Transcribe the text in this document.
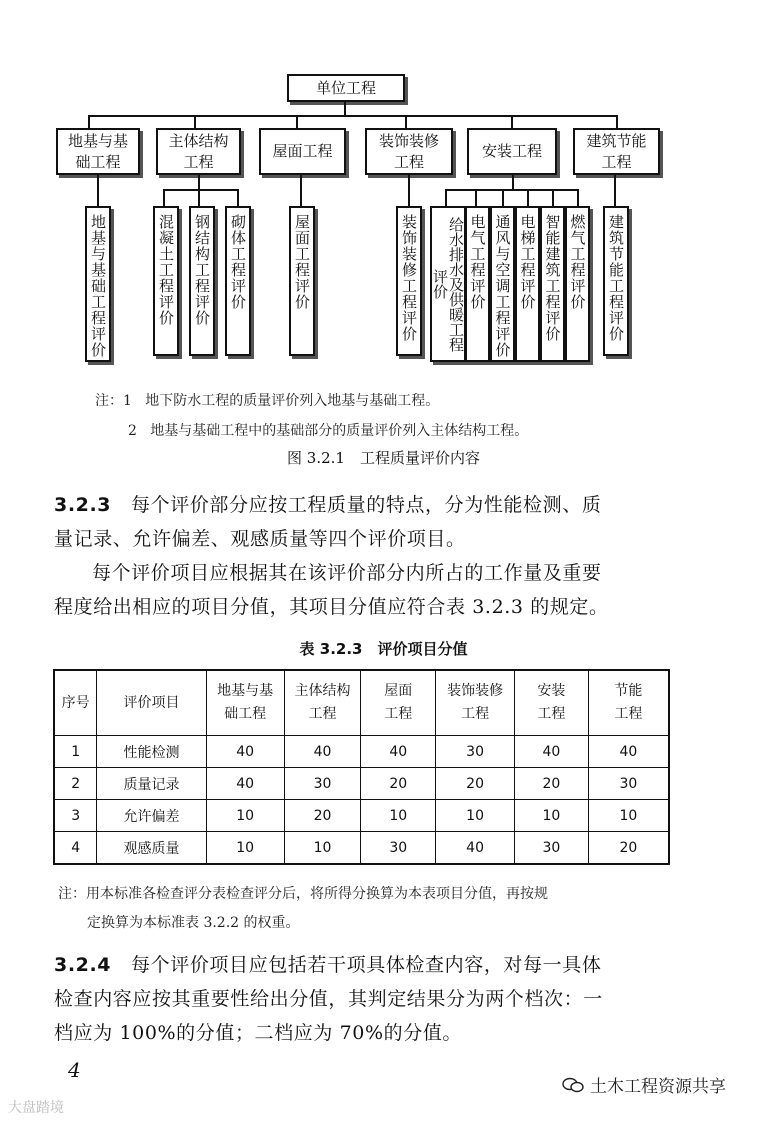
单位工程
地基与基础工程
主体结构工程
屋面工程
装饰装修工程
安装工程
建筑节能工程
地基与基础工程评价	混凝土工程评价 钢结构工程评价 砌体工程评价	屋面工程评价	装饰装修工程评价	给水排水及供暖工程评价	电气工程评价 通风与空调工程评价 电梯工程评价 智能建筑工程评价 燃气工程评价 建筑节能工程评价
注：1 地下防水工程的质量评价列入地基与基础工程。
2 地基与基础工程中的基础部分的质量评价列入主体结构工程。
图 3.2.1　工程质量评价内容
3.2.3 每个评价部分应按工程质量的特点，分为性能检测、质
量记录、允许偏差、观感质量等四个评价项目。
每个评价项目应根据其在该评价部分内所占的工作量及重要
程度给出相应的项目分值，其项目分值应符合表 3.2.3 的规定。
表 3.2.3　评价项目分值
序号	评价项目	地基与基础工程	主体结构工程	屋面工程	装饰装修工程	安装工程	节能工程

1	性能检测	40	40	40	30	40	40
2	质量记录	40	30	20	20	20	30
3	允许偏差	10	20	10	10	10	10
4	观感质量	10	10	30	40	30	20
注：用本标准各检查评分表检查评分后，将所得分换算为本表项目分值，再按规
定换算为本标准表 3.2.2 的权重。
3.2.4 每个评价项目应包括若干项具体检查内容，对每一具体
检查内容应按其重要性给出分值，其判定结果分为两个档次：一
档应为 100%的分值；二档应为 70%的分值。
4
土木工程资源共享
大盘踏境
